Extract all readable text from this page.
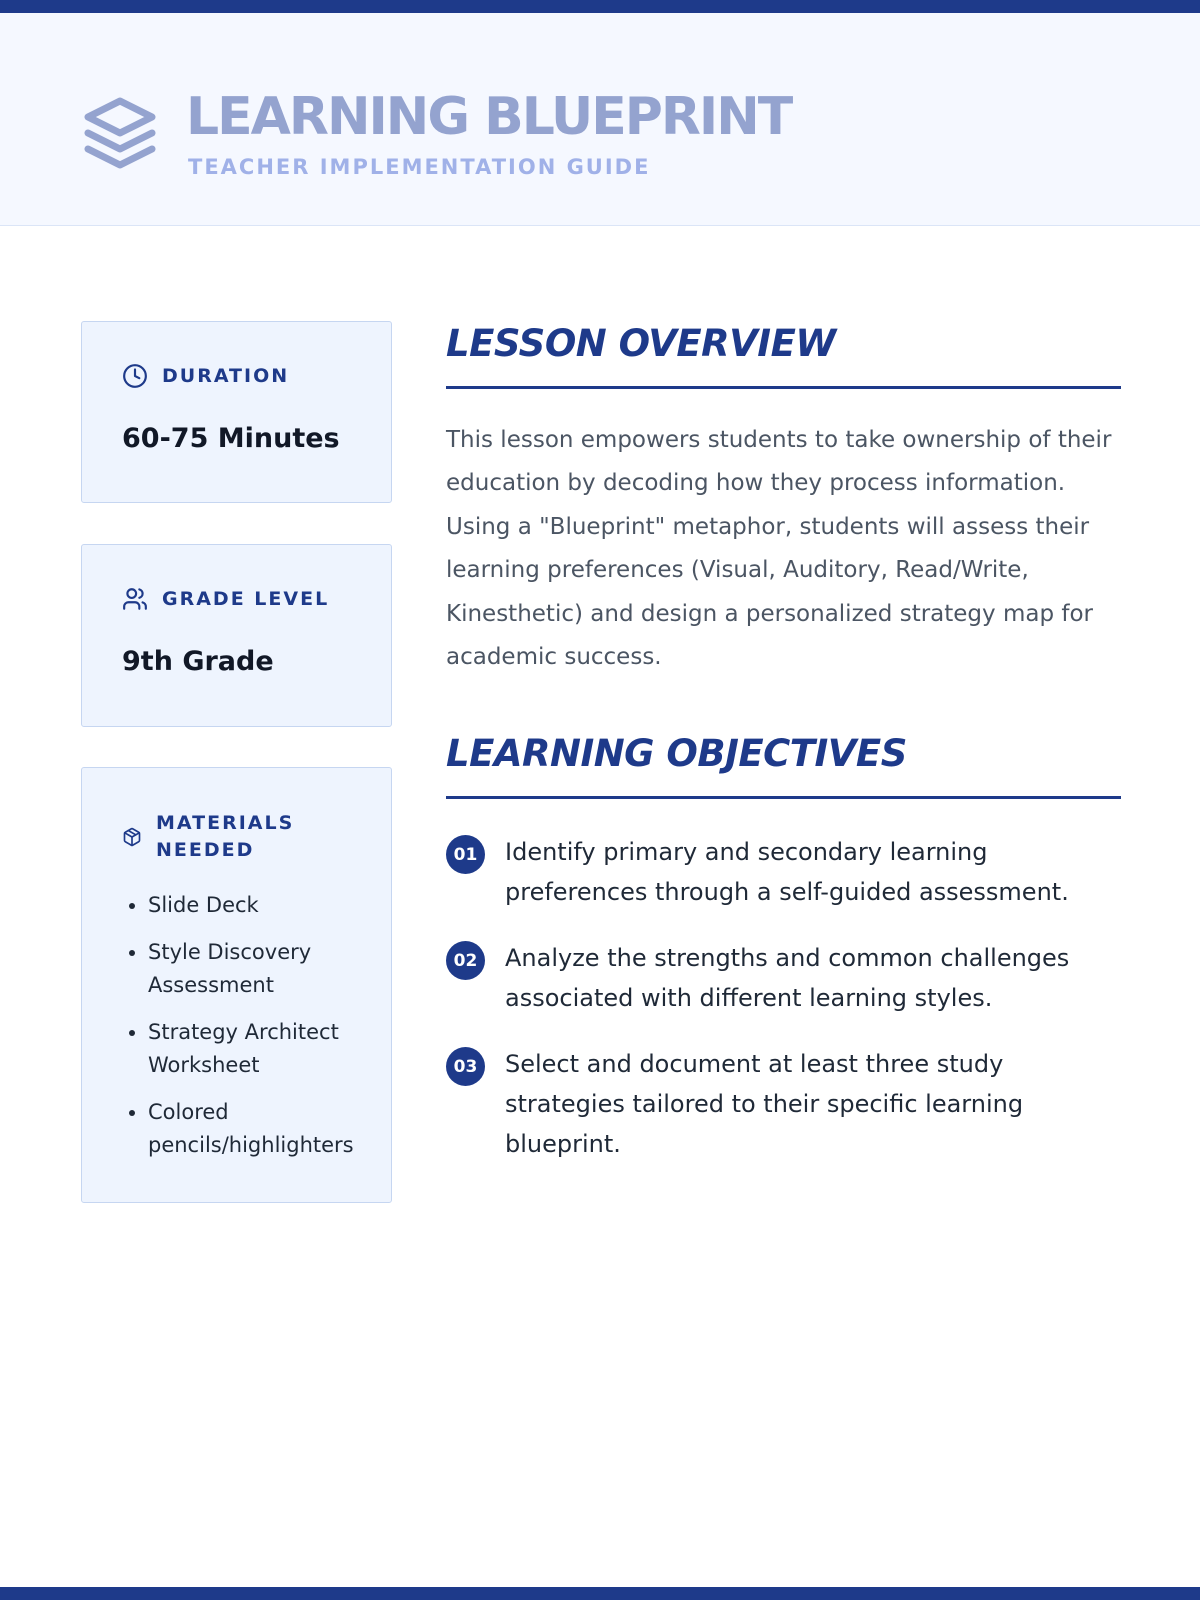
LEARNING BLUEPRINT
TEACHER IMPLEMENTATION GUIDE
DURATION
60-75 Minutes
GRADE LEVEL
9th Grade
MATERIALS
NEEDED
• Slide Deck
• Style Discovery Assessment
• Strategy Architect Worksheet
• Colored pencils/highlighters
LESSON OVERVIEW

This lesson empowers students to take ownership of their education by decoding how they process information. Using a "Blueprint" metaphor, students will assess their learning preferences (Visual, Auditory, Read/Write, Kinesthetic) and design a personalized strategy map for academic success.

LEARNING OBJECTIVES
01	Identify primary and secondary learning preferences through a self-guided assessment.
02	Analyze the strengths and common challenges associated with different learning styles.
03	Select and document at least three study strategies tailored to their specific learning blueprint.
